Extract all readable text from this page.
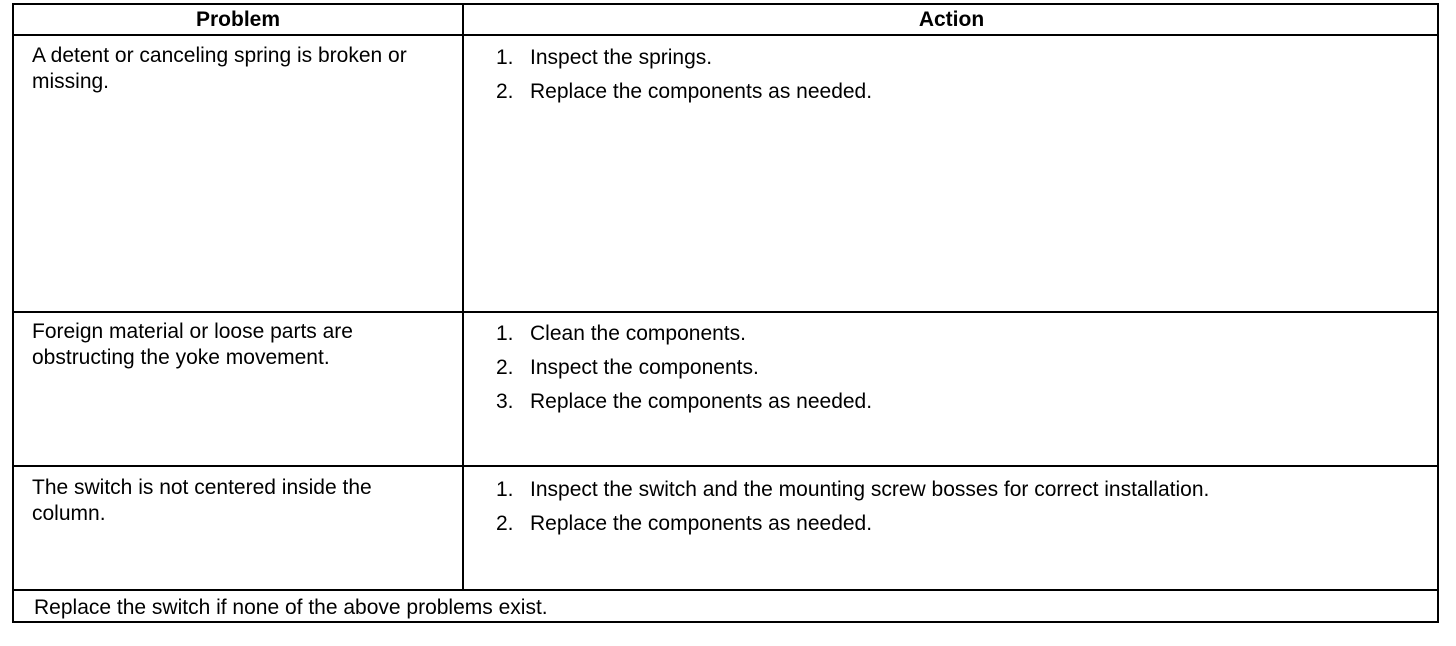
Problem	Action
A detent or canceling spring is broken or missing.
1. Inspect the springs.
2. Replace the components as needed.
Foreign material or loose parts are obstructing the yoke movement.
1. Clean the components.
2. Inspect the components.
3. Replace the components as needed.
The switch is not centered inside the column.
1. Inspect the switch and the mounting screw bosses for correct installation.
2. Replace the components as needed.
Replace the switch if none of the above problems exist.
